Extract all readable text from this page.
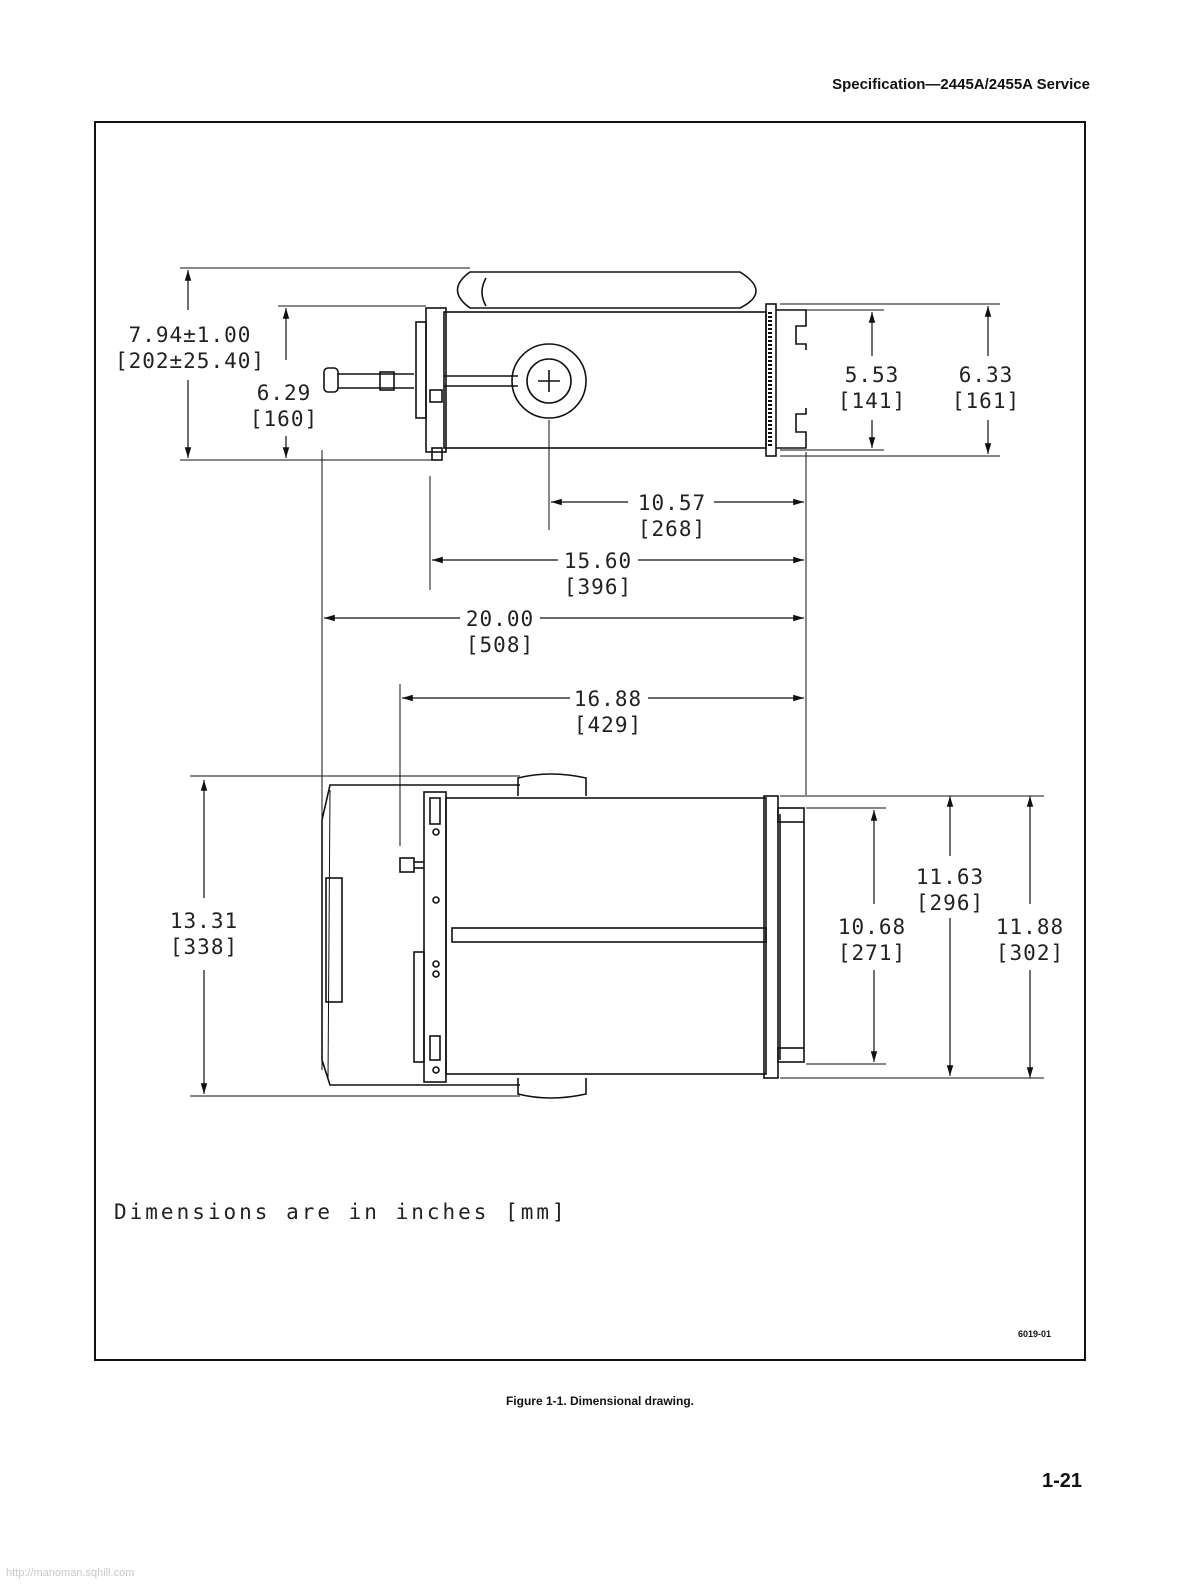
Specification—2445A/2455A Service
7.94±1.00
[202±25.40]
6.29
[160]
5.53
[141]
6.33
[161]
10.57
[268]
15.60
[396]
20.00
[508]
16.88
[429]
13.31
[338]
10.68
[271]
11.63
[296]
11.88
[302]
Dimensions are in inches [mm]
6019-01
Figure 1-1. Dimensional drawing.
1-21
http://manoman.sqhill.com
